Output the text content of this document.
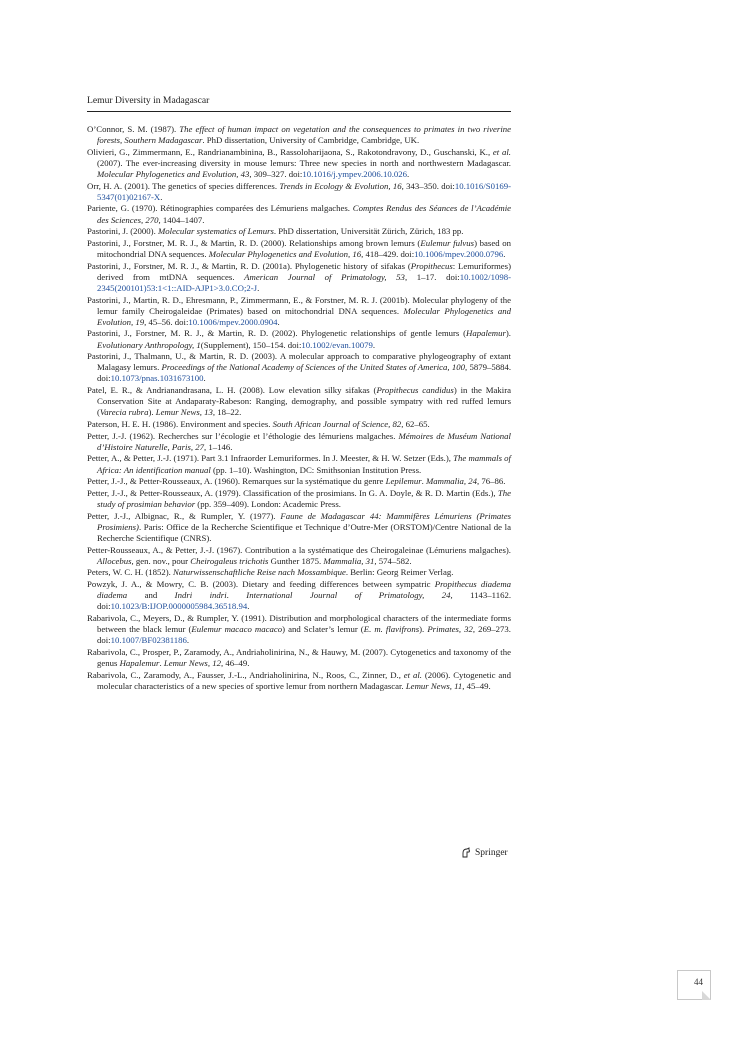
Lemur Diversity in Madagascar

O’Connor, S. M. (1987). The effect of human impact on vegetation and the consequences to primates in two riverine forests, Southern Madagascar. PhD dissertation, University of Cambridge, Cambridge, UK.

Olivieri, G., Zimmermann, E., Randrianambinina, B., Rassoloharijaona, S., Rakotondravony, D., Guschanski, K., et al. (2007). The ever-increasing diversity in mouse lemurs: Three new species in north and northwestern Madagascar. Molecular Phylogenetics and Evolution, 43, 309–327. doi:10.1016/j.ympev.2006.10.026.

Orr, H. A. (2001). The genetics of species differences. Trends in Ecology & Evolution, 16, 343–350. doi:10.1016/S0169-5347(01)02167-X.

Pariente, G. (1970). Rétinographies comparées des Lémuriens malgaches. Comptes Rendus des Séances de l’Académie des Sciences, 270, 1404–1407.

Pastorini, J. (2000). Molecular systematics of Lemurs. PhD dissertation, Universität Zürich, Zürich, 183 pp.

Pastorini, J., Forstner, M. R. J., & Martin, R. D. (2000). Relationships among brown lemurs (Eulemur fulvus) based on mitochondrial DNA sequences. Molecular Phylogenetics and Evolution, 16, 418–429. doi:10.1006/mpev.2000.0796.

Pastorini, J., Forstner, M. R. J., & Martin, R. D. (2001a). Phylogenetic history of sifakas (Propithecus: Lemuriformes) derived from mtDNA sequences. American Journal of Primatology, 53, 1–17. doi:10.1002/1098-2345(200101)53:1<1::AID-AJP1>3.0.CO;2-J.

Pastorini, J., Martin, R. D., Ehresmann, P., Zimmermann, E., & Forstner, M. R. J. (2001b). Molecular phylogeny of the lemur family Cheirogaleidae (Primates) based on mitochondrial DNA sequences. Molecular Phylogenetics and Evolution, 19, 45–56. doi:10.1006/mpev.2000.0904.

Pastorini, J., Forstner, M. R. J., & Martin, R. D. (2002). Phylogenetic relationships of gentle lemurs (Hapalemur). Evolutionary Anthropology, 1(Supplement), 150–154. doi:10.1002/evan.10079.

Pastorini, J., Thalmann, U., & Martin, R. D. (2003). A molecular approach to comparative phylogeography of extant Malagasy lemurs. Proceedings of the National Academy of Sciences of the United States of America, 100, 5879–5884. doi:10.1073/pnas.1031673100.

Patel, E. R., & Andrianandrasana, L. H. (2008). Low elevation silky sifakas (Propithecus candidus) in the Makira Conservation Site at Andaparaty-Rabeson: Ranging, demography, and possible sympatry with red ruffed lemurs (Varecia rubra). Lemur News, 13, 18–22.

Paterson, H. E. H. (1986). Environment and species. South African Journal of Science, 82, 62–65.

Petter, J.-J. (1962). Recherches sur l’écologie et l’éthologie des lémuriens malgaches. Mémoires de Muséum National d’Histoire Naturelle, Paris, 27, 1–146.

Petter, A., & Petter, J.-J. (1971). Part 3.1 Infraorder Lemuriformes. In J. Meester, & H. W. Setzer (Eds.), The mammals of Africa: An identification manual (pp. 1–10). Washington, DC: Smithsonian Institution Press.

Petter, J.-J., & Petter-Rousseaux, A. (1960). Remarques sur la systématique du genre Lepilemur. Mammalia, 24, 76–86.

Petter, J.-J., & Petter-Rousseaux, A. (1979). Classification of the prosimians. In G. A. Doyle, & R. D. Martin (Eds.), The study of prosimian behavior (pp. 359–409). London: Academic Press.

Petter, J.-J., Albignac, R., & Rumpler, Y. (1977). Faune de Madagascar 44: Mammifères Lémuriens (Primates Prosimiens). Paris: Office de la Recherche Scientifique et Technique d’Outre-Mer (ORSTOM)/Centre National de la Recherche Scientifique (CNRS).

Petter-Rousseaux, A., & Petter, J.-J. (1967). Contribution a la systématique des Cheirogaleinae (Lémuriens malgaches). Allocebus, gen. nov., pour Cheirogaleus trichotis Gunther 1875. Mammalia, 31, 574–582.

Peters, W. C. H. (1852). Naturwissenschaftliche Reise nach Mossambique. Berlin: Georg Reimer Verlag.

Powzyk, J. A., & Mowry, C. B. (2003). Dietary and feeding differences between sympatric Propithecus diadema diadema and Indri indri. International Journal of Primatology, 24, 1143–1162. doi:10.1023/B:IJOP.0000005984.36518.94.

Rabarivola, C., Meyers, D., & Rumpler, Y. (1991). Distribution and morphological characters of the intermediate forms between the black lemur (Eulemur macaco macaco) and Sclater’s lemur (E. m. flavifrons). Primates, 32, 269–273. doi:10.1007/BF02381186.

Rabarivola, C., Prosper, P., Zaramody, A., Andriaholinirina, N., & Hauwy, M. (2007). Cytogenetics and taxonomy of the genus Hapalemur. Lemur News, 12, 46–49.

Rabarivola, C., Zaramody, A., Fausser, J.-L., Andriaholinirina, N., Roos, C., Zinner, D., et al. (2006). Cytogenetic and molecular characteristics of a new species of sportive lemur from northern Madagascar. Lemur News, 11, 45–49.

Springer
44
